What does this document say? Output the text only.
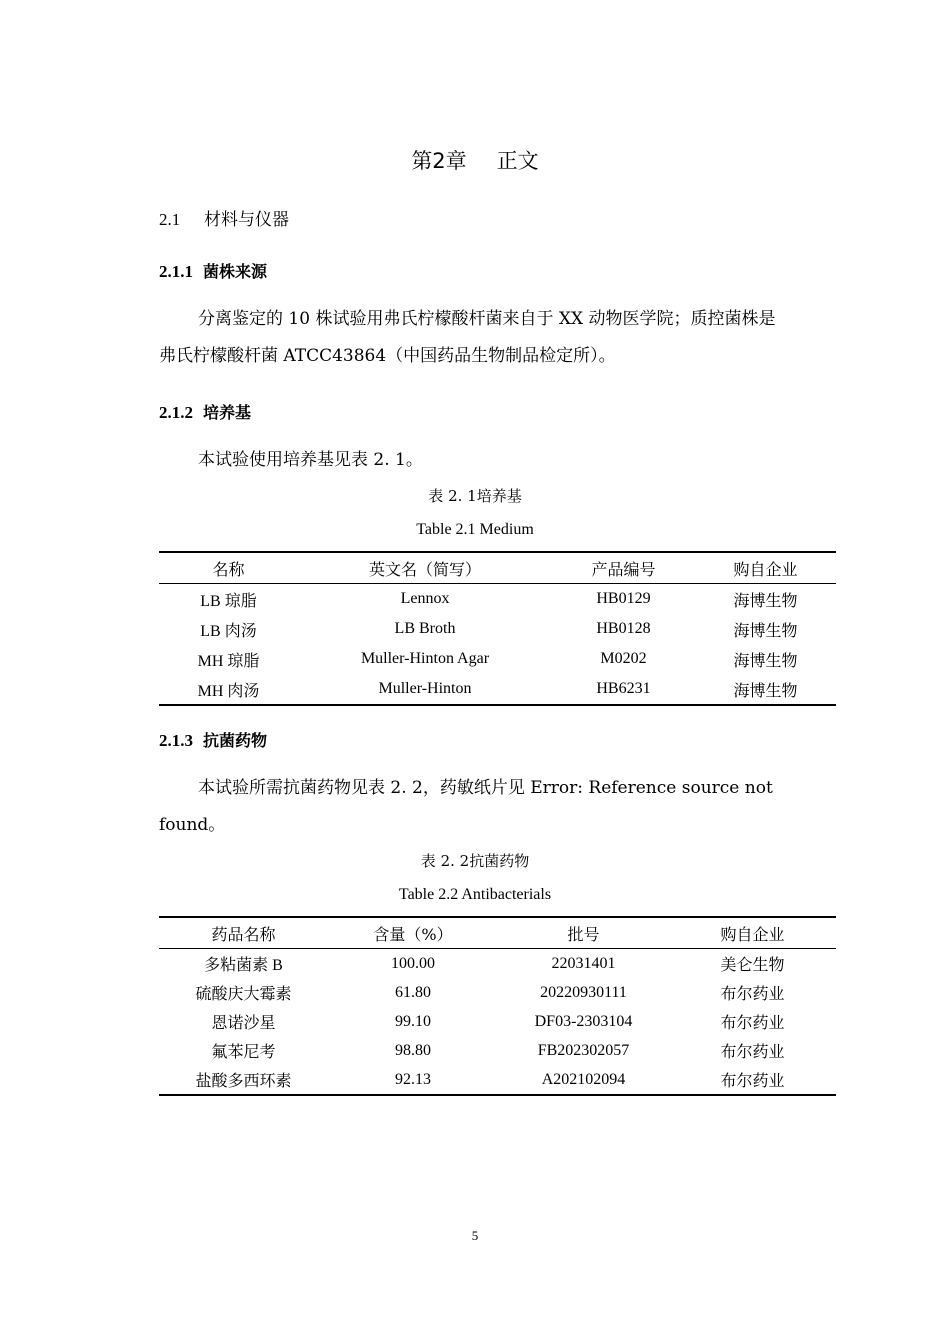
第2章 正文
2.1 材料与仪器
2.1.1 菌株来源
分离鉴定的 10 株试验用弗氏柠檬酸杆菌来自于 XX 动物医学院；质控菌株是
弗氏柠檬酸杆菌 ATCC43864（中国药品生物制品检定所）。
2.1.2 培养基
本试验使用培养基见表 2. 1。
表 2. 1培养基
Table 2.1 Medium
名称	英文名（简写）	产品编号	购自企业
LB 琼脂	Lennox	HB0129	海博生物
LB 肉汤	LB Broth	HB0128	海博生物
MH 琼脂	Muller-Hinton Agar	M0202	海博生物
MH 肉汤	Muller-Hinton	HB6231	海博生物
2.1.3 抗菌药物
本试验所需抗菌药物见表 2. 2，药敏纸片见 Error: Reference source not
found。
表 2. 2抗菌药物
Table 2.2 Antibacterials
药品名称	含量（%）	批号	购自企业
多粘菌素 B	100.00	22031401	美仑生物
硫酸庆大霉素	61.80	20220930111	布尔药业
恩诺沙星	99.10	DF03-2303104	布尔药业
氟苯尼考	98.80	FB202302057	布尔药业
盐酸多西环素	92.13	A202102094	布尔药业
5
